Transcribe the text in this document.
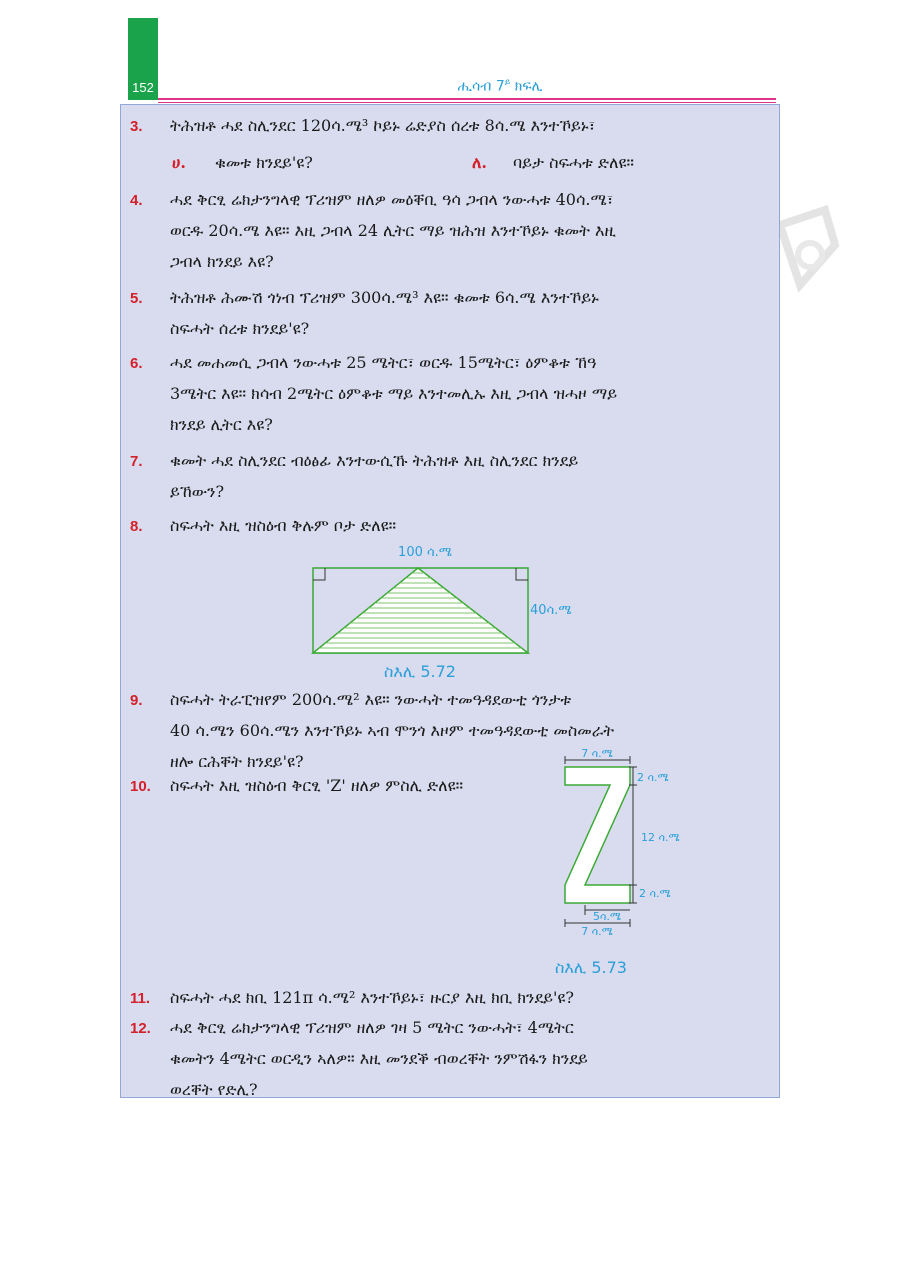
152	ሒሳብ $7^ይ$ ክፍሊ
3. ትሕዝቶ ሓደ ስሊንደር 120ሳ.ሜ³ ኮይኑ ሬድያስ ሰረቱ 8ሳ.ሜ እንተኾይኑ፣
ሀ. ቁመቱ ክንደይ'ዩ?	ለ. ባይታ ስፍሓቱ ድለዩ።
4. ሓደ ቅርፂ ሬክታንግላዊ ፕሪዝም ዘለዎ መዕቐቢ ዓሳ ጋብላ ንውሓቱ 40ሳ.ሜ፣
ወርዱ 20ሳ.ሜ እዩ። እዚ ጋብላ 24 ሊትር ማይ ዝሕዝ እንተኾይኑ ቁመት እዚ
ጋብላ ክንደይ እዩ?
5. ትሕዝቶ ሕሙሽ ጎነብ ፕሪዝም 300ሳ.ሜ³ እዩ። ቁመቱ 6ሳ.ሜ እንተኾይኑ
ስፍሓት ሰረቱ ክንደይ'ዩ?
6. ሓደ መሐመሲ ጋብላ ንውሓቱ 25 ሜትር፣ ወርዱ 15ሜትር፣ ዕምቆቱ ኸዓ
3ሜትር እዩ። ክሳብ 2ሜትር ዕምቆቱ ማይ እንተመሊኡ እዚ ጋብላ ዝሓዞ ማይ
ክንደይ ሊትር እዩ?
7. ቁመት ሓደ ስሊንደር ብዕፅፊ እንተውሲኹ ትሕዝቶ እዚ ስሊንደር ክንደይ
ይኸውን?
8. ስፍሓት እዚ ዝስዕብ ቅሉም ቦታ ድለዩ።
100 ሳ.ሜ
40ሳ.ሜ
ስእሊ 5.72
9. ስፍሓት ትራፒዝየም 200ሳ.ሜ² እዩ። ንውሓት ተመዓዳደውቲ ጎንታቱ
40 ሳ.ሜን 60ሳ.ሜን እንተኾይኑ ኣብ ሞንጎ እዞም ተመዓዳደውቲ መስመራት
ዘሎ ርሕቐት ክንደይ'ዩ?
10. ስፍሓት እዚ ዝስዕብ ቅርፂ 'Z' ዘለዎ ምስሊ ድለዩ።
7 ሳ.ሜ
2 ሳ.ሜ
12 ሳ.ሜ
2 ሳ.ሜ
5ሳ.ሜ
7 ሳ.ሜ
ስእሊ 5.73
11. ስፍሓት ሓደ ክቢ 121π ሳ.ሜ² እንተኾይኑ፣ ዙርያ እዚ ክቢ ክንደይ'ዩ?
12. ሓደ ቅርፂ ሬክታንግላዊ ፕሪዝም ዘለዎ ገዛ 5 ሜትር ንውሓት፣ 4ሜትር
ቁመትን 4ሜትር ወርዲን ኣለዎ። እዚ መንደቕ ብወረቐት ንምሽፋን ክንደይ
ወረቐት የድሊ?
